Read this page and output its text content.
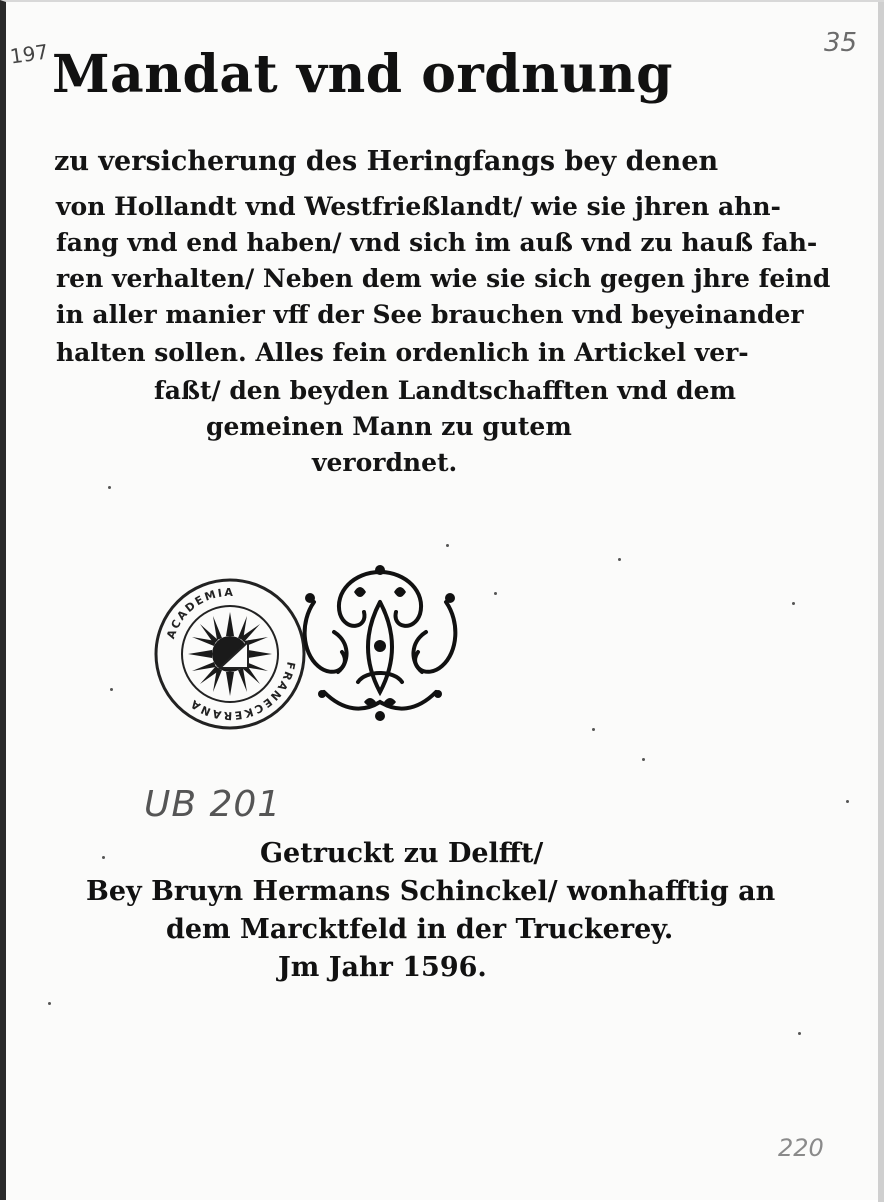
197	35
Mandat vnd ordnung
zu versicherung des Heringfangs bey denen
von Hollandt vnd Westfrießlandt/ wie sie jhren ahn-
fang vnd end haben/ vnd sich im auß vnd zu hauß fah-
ren verhalten/ Neben dem wie sie sich gegen jhre feind
in aller manier vff der See brauchen vnd beyeinander
halten sollen. Alles fein ordenlich in Artickel ver-
faßt/ den beyden Landtschafften vnd dem
gemeinen Mann zu gutem
verordnet.
ACADEMIA
FRANECKERANA
UB 201
Getruckt zu Delfft/
Bey Bruyn Hermans Schinckel/ wonhafftig an
dem Marcktfeld in der Truckerey.
Jm Jahr 1596.
220
